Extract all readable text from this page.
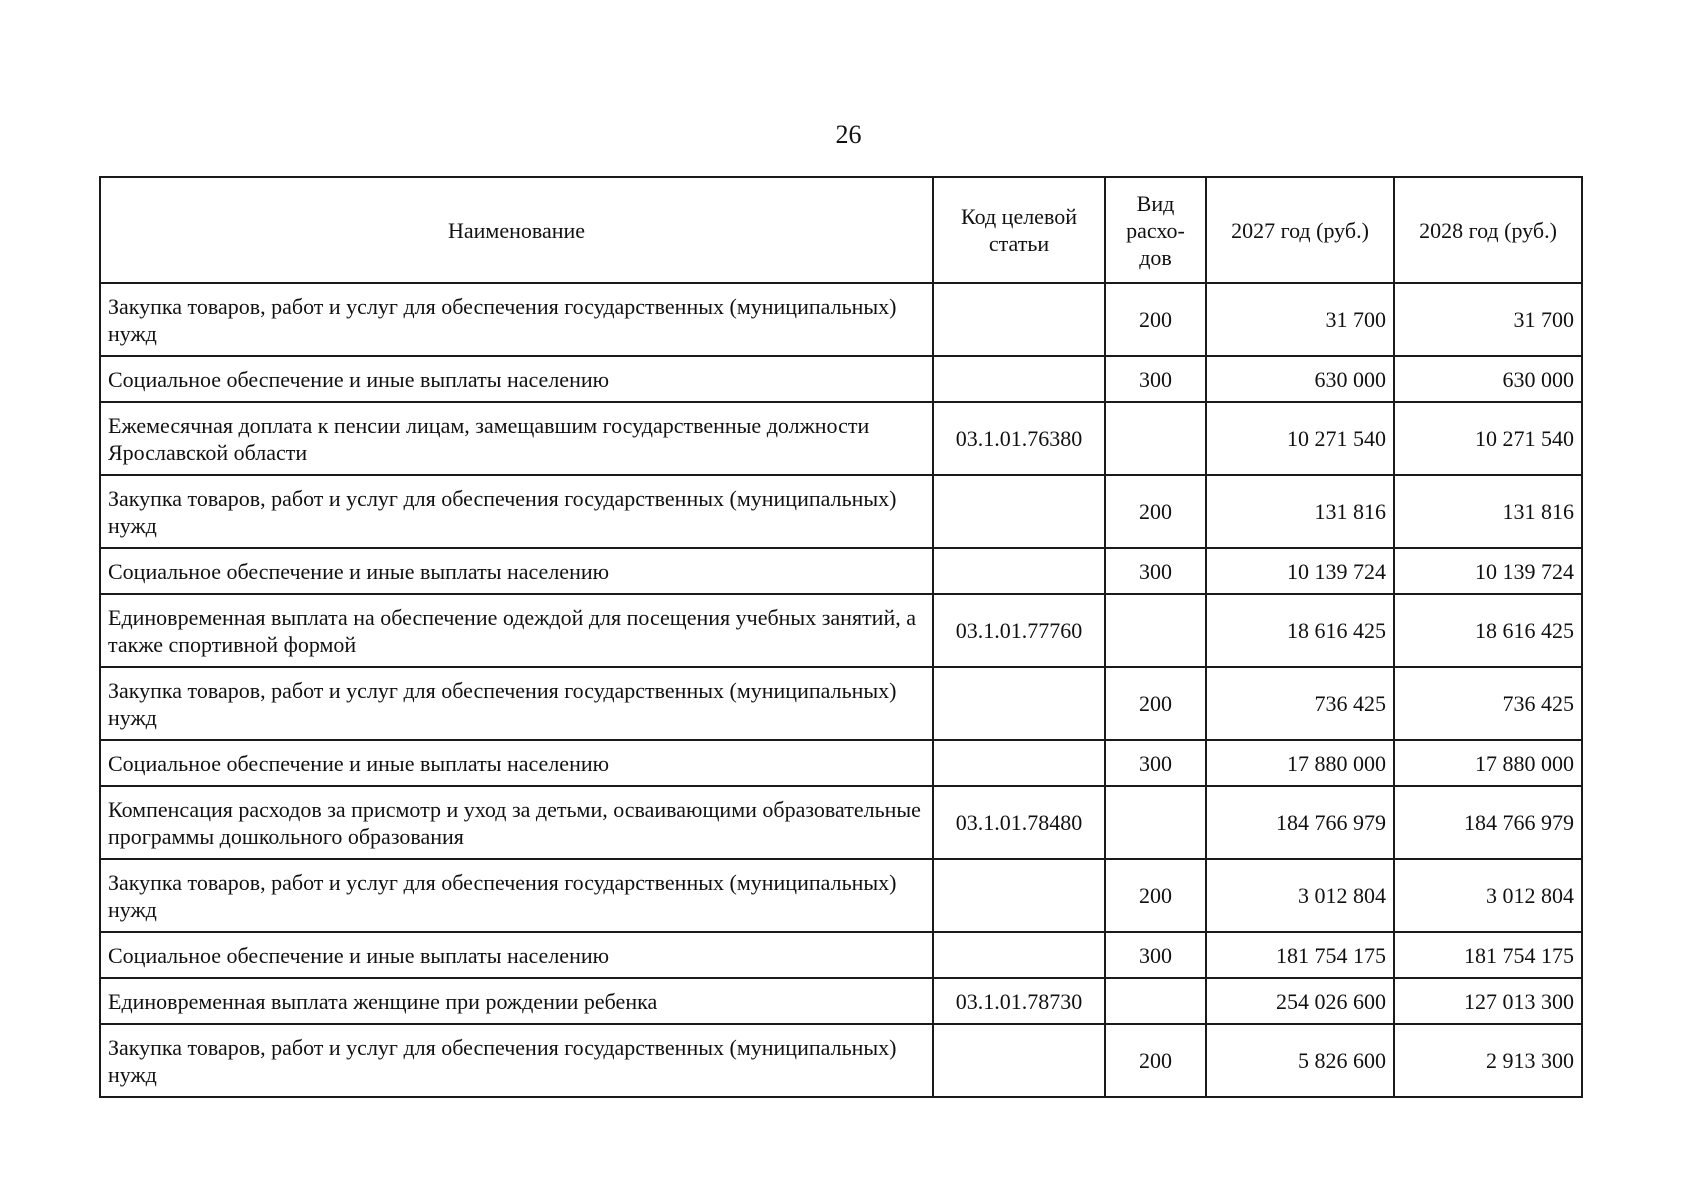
26
Наименование	Код целевой статьи	Вид расхо-дов	2027 год (руб.)	2028 год (руб.)
Закупка товаров, работ и услуг для обеспечения государственных (муниципальных) нужд		200	31 700	31 700
Социальное обеспечение и иные выплаты населению		300	630 000	630 000
Ежемесячная доплата к пенсии лицам, замещавшим государственные должности Ярославской области	03.1.01.76380		10 271 540	10 271 540
Закупка товаров, работ и услуг для обеспечения государственных (муниципальных) нужд		200	131 816	131 816
Социальное обеспечение и иные выплаты населению		300	10 139 724	10 139 724
Единовременная выплата на обеспечение одеждой для посещения учебных занятий, а также спортивной формой	03.1.01.77760		18 616 425	18 616 425
Закупка товаров, работ и услуг для обеспечения государственных (муниципальных) нужд		200	736 425	736 425
Социальное обеспечение и иные выплаты населению		300	17 880 000	17 880 000
Компенсация расходов за присмотр и уход за детьми, осваивающими образовательные программы дошкольного образования	03.1.01.78480		184 766 979	184 766 979
Закупка товаров, работ и услуг для обеспечения государственных (муниципальных) нужд		200	3 012 804	3 012 804
Социальное обеспечение и иные выплаты населению		300	181 754 175	181 754 175
Единовременная выплата женщине при рождении ребенка	03.1.01.78730		254 026 600	127 013 300
Закупка товаров, работ и услуг для обеспечения государственных (муниципальных) нужд		200	5 826 600	2 913 300
